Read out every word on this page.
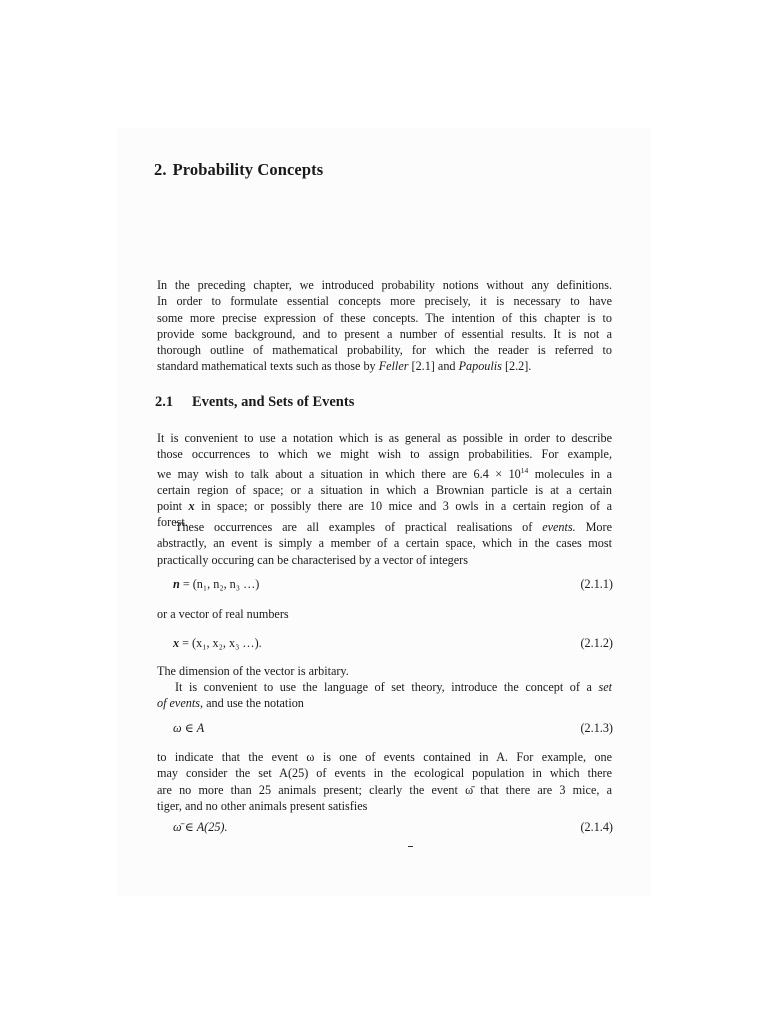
2. Probability Concepts
In the preceding chapter, we introduced probability notions without any definitions.
In order to formulate essential concepts more precisely, it is necessary to have
some more precise expression of these concepts. The intention of this chapter is to
provide some background, and to present a number of essential results. It is not a
thorough outline of mathematical probability, for which the reader is referred to
standard mathematical texts such as those by Feller [2.1] and Papoulis [2.2].
2.1 Events, and Sets of Events
It is convenient to use a notation which is as general as possible in order to describe
those occurrences to which we might wish to assign probabilities. For example,
we may wish to talk about a situation in which there are $6.4 \times 10^{14}$ molecules in a
certain region of space; or a situation in which a Brownian particle is at a certain
point x in space; or possibly there are 10 mice and 3 owls in a certain region of a
forest.
These occurrences are all examples of practical realisations of events. More
abstractly, an event is simply a member of a certain space, which in the cases most
practically occuring can be characterised by a vector of integers
n = (n₁, n₂, n₃ …)	(2.1.1)
or a vector of real numbers
x = (x₁, x₂, x₃ …).	(2.1.2)
The dimension of the vector is arbitary.
It is convenient to use the language of set theory, introduce the concept of a set
of events, and use the notation
ω ∈ A	(2.1.3)
to indicate that the event ω is one of events contained in A. For example, one
may consider the set A(25) of events in the ecological population in which there
are no more than 25 animals present; clearly the event ω̄ that there are 3 mice, a
tiger, and no other animals present satisfies
ω̄ ∈ A(25).	(2.1.4)
